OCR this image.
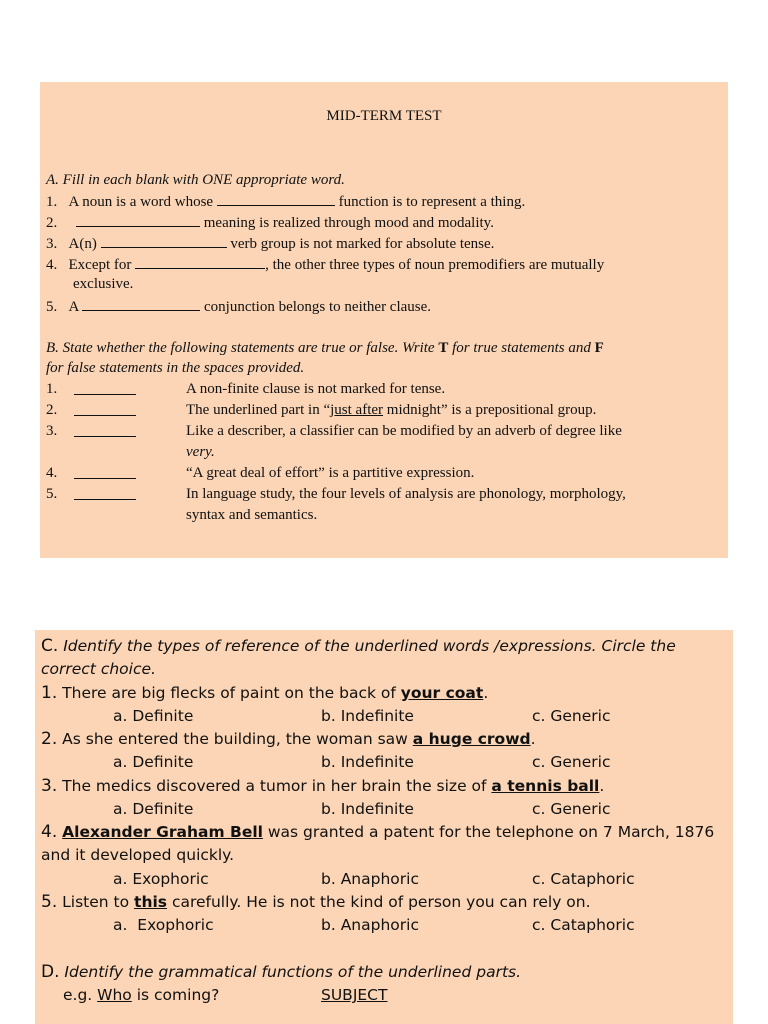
MID-TERM TEST
A. Fill in each blank with ONE appropriate word.
1. A noun is a word whose	function is to represent a thing.
2.	meaning is realized through mood and modality.
3. A(n)	verb group is not marked for absolute tense.
4. Except for	, the other three types of noun premodifiers are mutually
exclusive.
5. A	conjunction belongs to neither clause.
B. State whether the following statements are true or false. Write T for true statements and F
for false statements in the spaces provided.
1.	A non-finite clause is not marked for tense.
2.	The underlined part in “just after midnight” is a prepositional group.
3.	Like a describer, a classifier can be modified by an adverb of degree like
very.
4.	“A great deal of effort” is a partitive expression.
5.	In language study, the four levels of analysis are phonology, morphology,
syntax and semantics.
C. Identify the types of reference of the underlined words /expressions. Circle the
correct choice.
1. There are big flecks of paint on the back of your coat.
a. Definite	b. Indefinite	c. Generic
2. As she entered the building, the woman saw a huge crowd.
a. Definite	b. Indefinite	c. Generic
3. The medics discovered a tumor in her brain the size of a tennis ball.
a. Definite	b. Indefinite	c. Generic
4. Alexander Graham Bell was granted a patent for the telephone on 7 March, 1876
and it developed quickly.
a. Exophoric	b. Anaphoric	c. Cataphoric
5. Listen to this carefully. He is not the kind of person you can rely on.
a. Exophoric	b. Anaphoric	c. Cataphoric
D. Identify the grammatical functions of the underlined parts.
e.g. Who is coming?	SUBJECT
